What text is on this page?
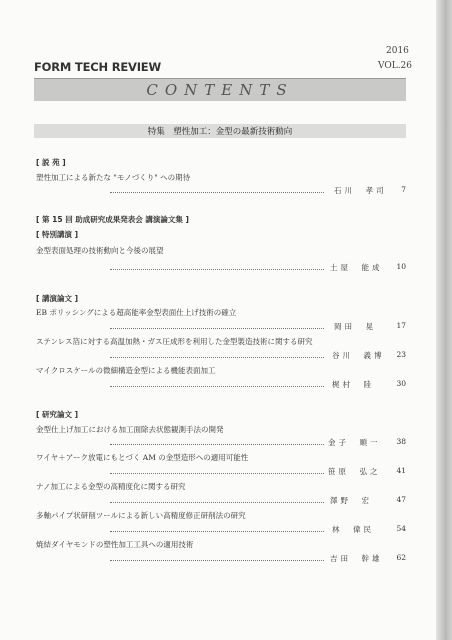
2016
FORM TECH REVIEW	VOL.26
CONTENTS
特集　塑性加工：金型の最新技術動向
[ 説 苑 ]
塑性加工による新たな "モノづくり" への期待
石川　孝司	7
[ 第 15 回 助成研究成果発表会 講演論文集 ]
[ 特別講演 ]
金型表面処理の技術動向と今後の展望
土屋　能成	10
[ 講演論文 ]
EB ポリッシングによる超高能率金型表面仕上げ技術の確立
岡田　晃	17
ステンレス箔に対する高温加熱・ガス圧成形を利用した金型製造技術に関する研究
谷川　義博	23
マイクロスケールの微細構造金型による機能表面加工
梶村　陸	30
[ 研究論文 ]
金型仕上げ加工における加工面除去状態観測手法の開発
金子　順一	38
ワイヤ＋アーク放電にもとづく AM の金型造形への適用可能性
笹原　弘之	41
ナノ加工による金型の高精度化に関する研究
澤野　宏	47
多軸パイプ状研削ツールによる新しい高精度修正研削法の研究
林　偉民	54
焼結ダイヤモンドの塑性加工工具への適用技術
吉田　幹雄	62
